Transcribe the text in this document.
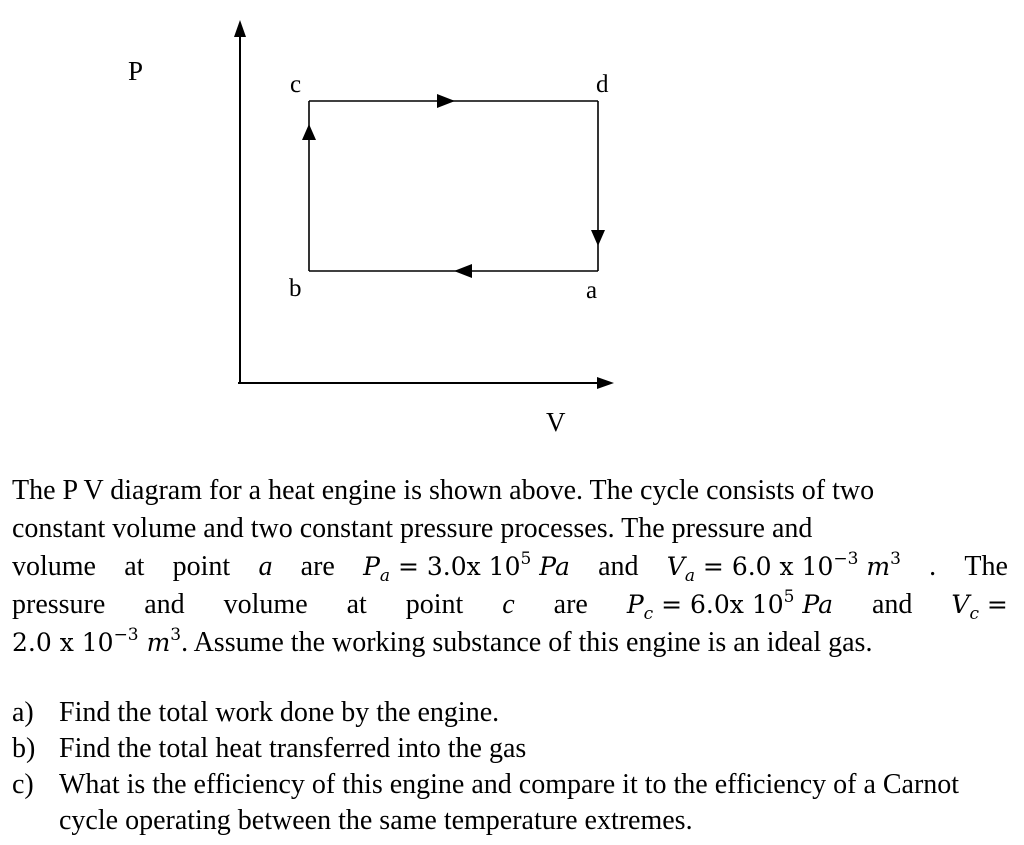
P
V
c	d
b	a
The P V diagram for a heat engine is shown above. The cycle consists of two
constant volume and two constant pressure processes. The pressure and
volume at point a are $P_a = 3.0x$ $10^5$ Pa and $V_a = 6.0$ x $10^{-3}$ $m^3$ . The
pressure and volume at point c are $P_c = 6.0x$ $10^5$ Pa and $V_c$ =
2.0 x $10^{-3}$ $m^3$. Assume the working substance of this engine is an ideal gas.
a) Find the total work done by the engine.
b) Find the total heat transferred into the gas
c) What is the efficiency of this engine and compare it to the efficiency of a Carnot cycle operating between the same temperature extremes.
